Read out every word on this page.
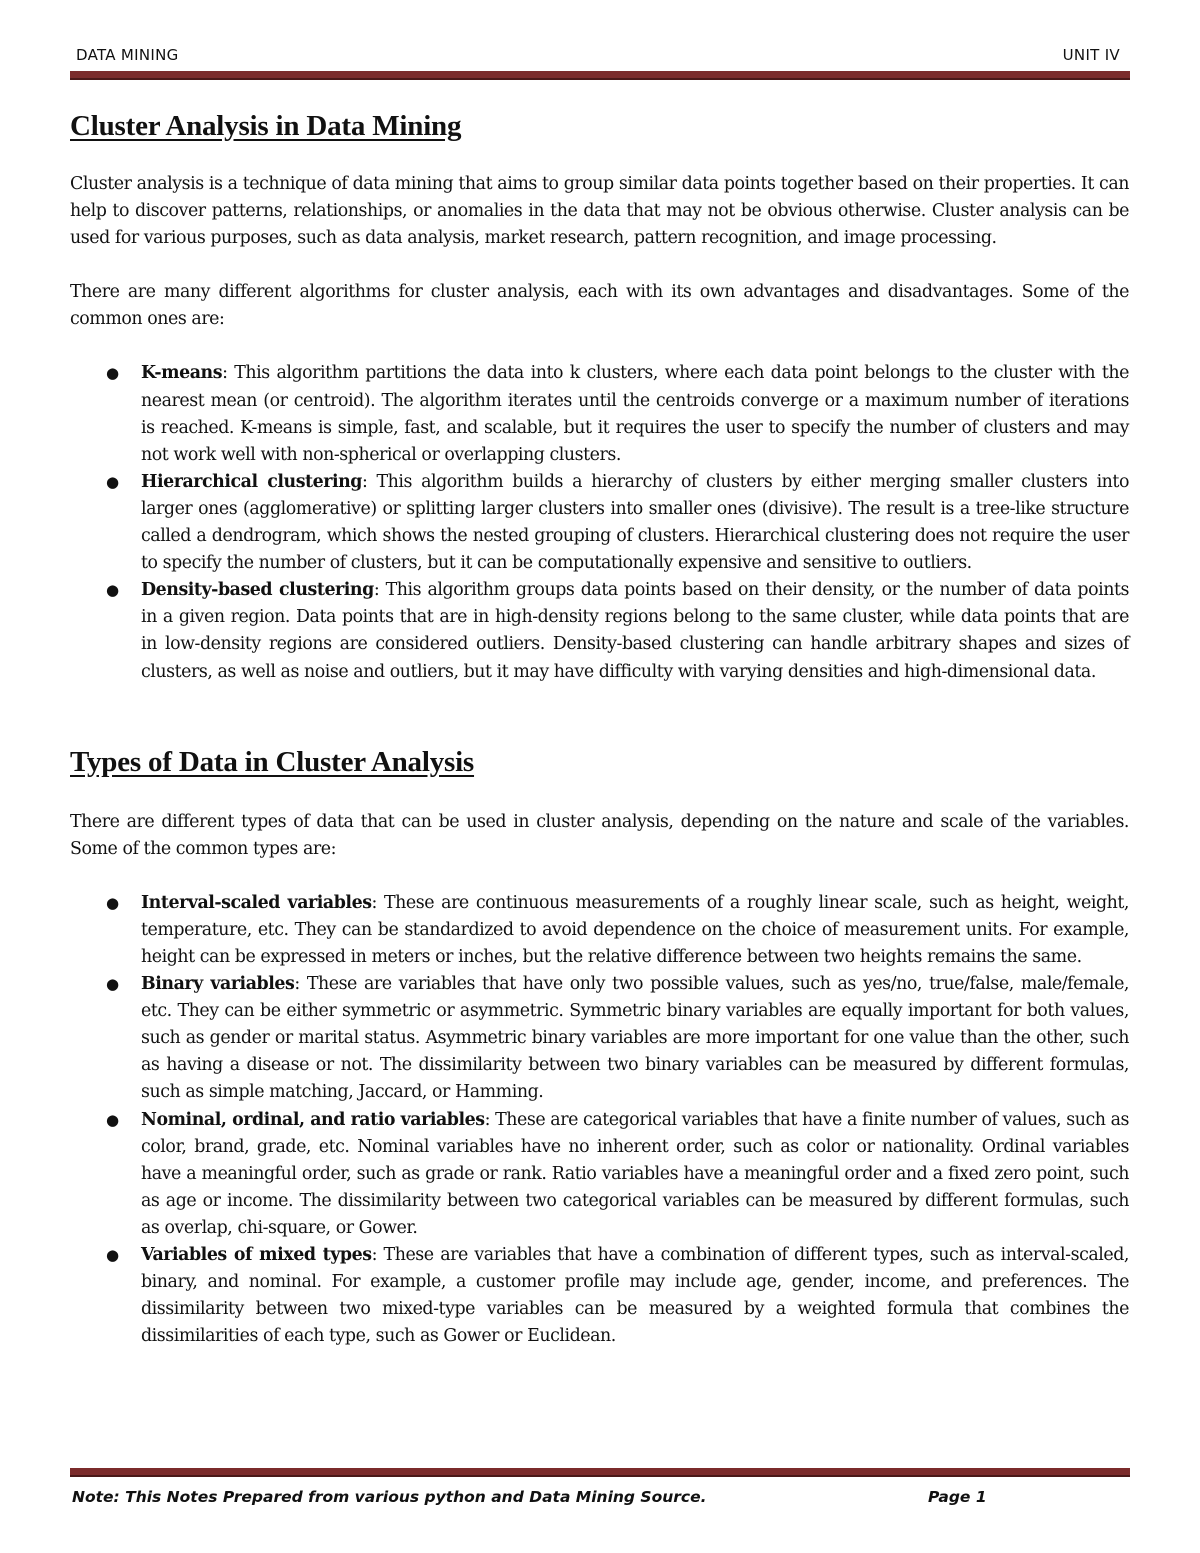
DATA MINING	UNIT IV
Cluster Analysis in Data Mining

Cluster analysis is a technique of data mining that aims to group similar data points together based on their properties. It can help to discover patterns, relationships, or anomalies in the data that may not be obvious otherwise. Cluster analysis can be used for various purposes, such as data analysis, market research, pattern recognition, and image processing.

There are many different algorithms for cluster analysis, each with its own advantages and disadvantages. Some of the common ones are:

● K-means: This algorithm partitions the data into k clusters, where each data point belongs to the cluster with the nearest mean (or centroid). The algorithm iterates until the centroids converge or a maximum number of iterations is reached. K-means is simple, fast, and scalable, but it requires the user to specify the number of clusters and may not work well with non-spherical or overlapping clusters.
● Hierarchical clustering: This algorithm builds a hierarchy of clusters by either merging smaller clusters into larger ones (agglomerative) or splitting larger clusters into smaller ones (divisive). The result is a tree-like structure called a dendrogram, which shows the nested grouping of clusters. Hierarchical clustering does not require the user to specify the number of clusters, but it can be computationally expensive and sensitive to outliers.
● Density-based clustering: This algorithm groups data points based on their density, or the number of data points in a given region. Data points that are in high-density regions belong to the same cluster, while data points that are in low-density regions are considered outliers. Density-based clustering can handle arbitrary shapes and sizes of clusters, as well as noise and outliers, but it may have difficulty with varying densities and high-dimensional data.
Types of Data in Cluster Analysis

There are different types of data that can be used in cluster analysis, depending on the nature and scale of the variables. Some of the common types are:

● Interval-scaled variables: These are continuous measurements of a roughly linear scale, such as height, weight, temperature, etc. They can be standardized to avoid dependence on the choice of measurement units. For example, height can be expressed in meters or inches, but the relative difference between two heights remains the same.
● Binary variables: These are variables that have only two possible values, such as yes/no, true/false, male/female, etc. They can be either symmetric or asymmetric. Symmetric binary variables are equally important for both values, such as gender or marital status. Asymmetric binary variables are more important for one value than the other, such as having a disease or not. The dissimilarity between two binary variables can be measured by different formulas, such as simple matching, Jaccard, or Hamming.
● Nominal, ordinal, and ratio variables: These are categorical variables that have a finite number of values, such as color, brand, grade, etc. Nominal variables have no inherent order, such as color or nationality. Ordinal variables have a meaningful order, such as grade or rank. Ratio variables have a meaningful order and a fixed zero point, such as age or income. The dissimilarity between two categorical variables can be measured by different formulas, such as overlap, chi-square, or Gower.
● Variables of mixed types: These are variables that have a combination of different types, such as interval-scaled, binary, and nominal. For example, a customer profile may include age, gender, income, and preferences. The dissimilarity between two mixed-type variables can be measured by a weighted formula that combines the dissimilarities of each type, such as Gower or Euclidean.
Note: This Notes Prepared from various python and Data Mining Source.	Page 1
